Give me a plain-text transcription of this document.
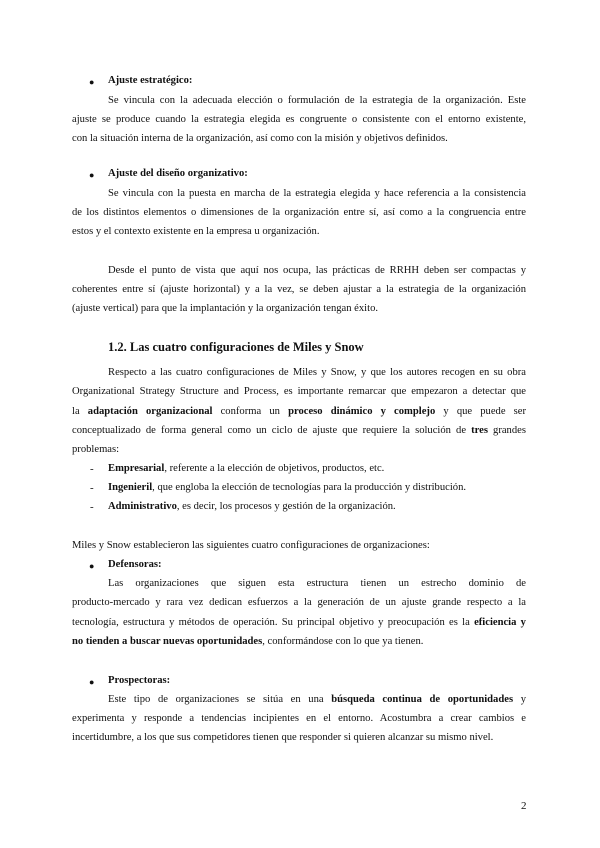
● Ajuste estratégico:
Se vincula con la adecuada elección o formulación de la estrategia de la organización. Este
ajuste se produce cuando la estrategia elegida es congruente o consistente con el entorno existente,
con la situación interna de la organización, así como con la misión y objetivos definidos.
● Ajuste del diseño organizativo:
Se vincula con la puesta en marcha de la estrategia elegida y hace referencia a la consistencia
de los distintos elementos o dimensiones de la organización entre sí, así como a la congruencia entre
estos y el contexto existente en la empresa u organización.
Desde el punto de vista que aquí nos ocupa, las prácticas de RRHH deben ser compactas y
coherentes entre sí (ajuste horizontal) y a la vez, se deben ajustar a la estrategia de la organización
(ajuste vertical) para que la implantación y la organización tengan éxito.
1.2. Las cuatro configuraciones de Miles y Snow
Respecto a las cuatro configuraciones de Miles y Snow, y que los autores recogen en su obra
Organizational Strategy Structure and Process, es importante remarcar que empezaron a detectar que
la adaptación organizacional conforma un proceso dinámico y complejo y que puede ser
conceptualizado de forma general como un ciclo de ajuste que requiere la solución de tres grandes
problemas:
- Empresarial, referente a la elección de objetivos, productos, etc.
- Ingenieril, que engloba la elección de tecnologías para la producción y distribución.
- Administrativo, es decir, los procesos y gestión de la organización.
Miles y Snow establecieron las siguientes cuatro configuraciones de organizaciones:
● Defensoras:
Las organizaciones que siguen esta estructura tienen un estrecho dominio de
producto-mercado y rara vez dedican esfuerzos a la generación de un ajuste grande respecto a la
tecnología, estructura y métodos de operación. Su principal objetivo y preocupación es la eficiencia y
no tienden a buscar nuevas oportunidades, conformándose con lo que ya tienen.
● Prospectoras:
Este tipo de organizaciones se sitúa en una búsqueda continua de oportunidades y
experimenta y responde a tendencias incipientes en el entorno. Acostumbra a crear cambios e
incertidumbre, a los que sus competidores tienen que responder si quieren alcanzar su mismo nivel.
2
